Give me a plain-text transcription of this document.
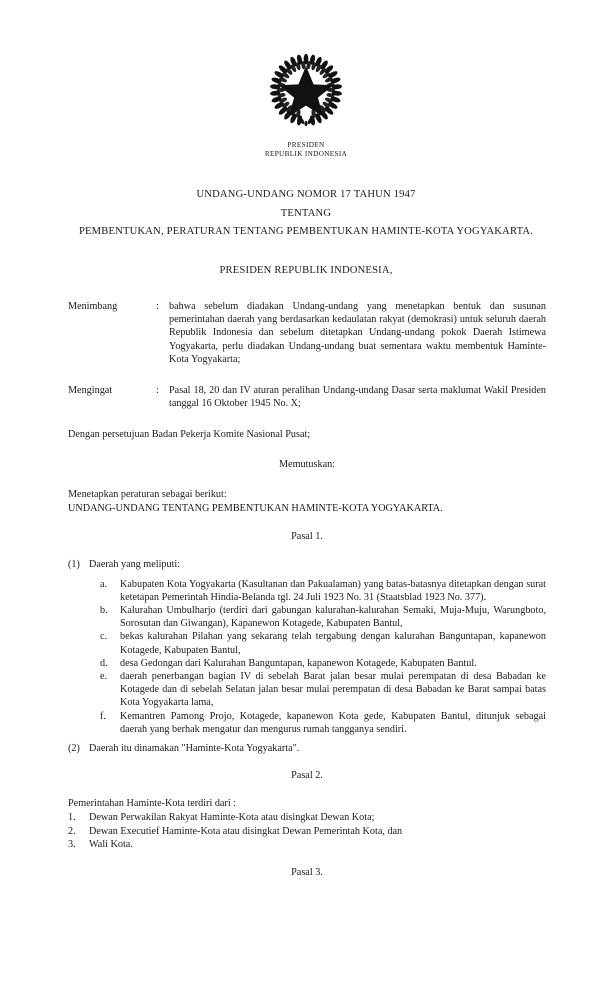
PRESIDEN
REPUBLIK INDONESIA
UNDANG-UNDANG NOMOR 17 TAHUN 1947
TENTANG
PEMBENTUKAN, PERATURAN TENTANG PEMBENTUKAN HAMINTE-KOTA YOGYAKARTA.
PRESIDEN REPUBLIK INDONESIA,
Menimbang	: bahwa sebelum diadakan Undang-undang yang menetapkan bentuk dan susunan pemerintahan daerah yang berdasarkan kedaulatan rakyat (demokrasi) untuk seluruh daerah Republik Indonesia dan sebelum ditetapkan Undang-undang pokok Daerah Istimewa Yogyakarta, perlu diadakan Undang-undang buat sementara waktu membentuk Haminte-Kota Yogyakarta;
Mengingat	: Pasal 18, 20 dan IV aturan peralihan Undang-undang Dasar serta maklumat Wakil Presiden tanggal 16 Oktober 1945 No. X;
Dengan persetujuan Badan Pekerja Komite Nasional Pusat;
Memutuskan:
Menetapkan peraturan sebagai berikut:
UNDANG-UNDANG TENTANG PEMBENTUKAN HAMINTE-KOTA YOGYAKARTA.
Pasal 1.
(1) Daerah yang meliputi:
a.	Kabupaten Kota Yogyakarta (Kasultanan dan Pakualaman) yang batas-batasnya ditetapkan dengan surat ketetapan Pemerintah Hindia-Belanda tgl. 24 Juli 1923 No. 31 (Staatsblad 1923 No. 377).
b.	Kalurahan Umbulharjo (terdiri dari gabungan kalurahan-kalurahan Semaki, Muja-Muju, Warungboto, Sorosutan dan Giwangan), Kapanewon Kotagede, Kabupaten Bantul,
c.	bekas kalurahan Pilahan yang sekarang telah tergabung dengan kalurahan Banguntapan, kapanewon Kotagede, Kabupaten Bantul,
d.	desa Gedongan dari Kalurahan Banguntapan, kapanewon Kotagede, Kabupaten Bantul.
e.	daerah penerbangan bagian IV di sebelah Barat jalan besar mulai perempatan di desa Babadan ke Kotagede dan di sebelah Selatan jalan besar mulai perempatan di desa Babadan ke Barat sampai batas Kota Yogyakarta lama,
f.	Kemantren Pamong Projo, Kotagede, kapanewon Kota gede, Kabupaten Bantul, ditunjuk sebagai daerah yang berhak mengatur dan mengurus rumah tangganya sendiri.
(2) Daerah itu dinamakan "Haminte-Kota Yogyakarta".
Pasal 2.
Pemerintahan Haminte-Kota terdiri dari :
1.	Dewan Perwakilan Rakyat Haminte-Kota atau disingkat Dewan Kota;
2.	Dewan Executief Haminte-Kota atau disingkat Dewan Pemerintah Kota, dan
3.	Wali Kota.
Pasal 3.
